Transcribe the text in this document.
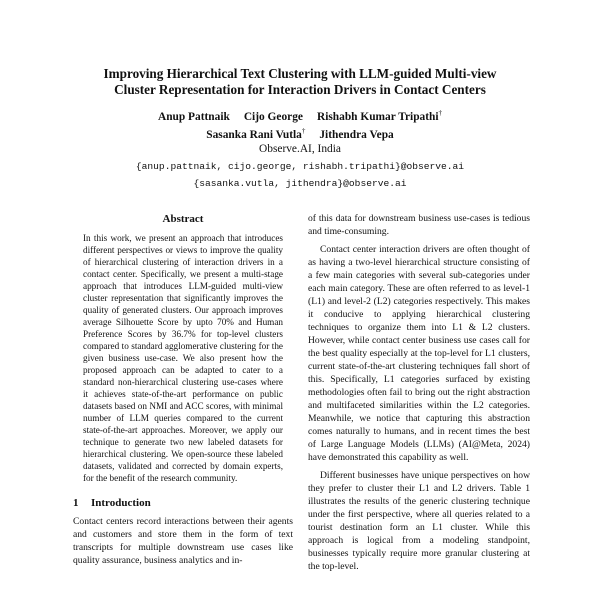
Improving Hierarchical Text Clustering with LLM-guided Multi-view
Cluster Representation for Interaction Drivers in Contact Centers
Anup Pattnaik Cijo George Rishabh Kumar Tripathi†
Sasanka Rani Vutla† Jithendra Vepa
Observe.AI, India
{anup.pattnaik, cijo.george, rishabh.tripathi}@observe.ai
{sasanka.vutla, jithendra}@observe.ai
Abstract

In this work, we present an approach that introduces different perspectives or views to improve the quality of hierarchical clustering of interaction drivers in a contact center. Specifically, we present a multi-stage approach that introduces LLM-guided multi-view cluster representation that significantly improves the quality of generated clusters. Our approach improves average Silhouette Score by upto 70% and Human Preference Scores by 36.7% for top-level clusters compared to standard agglomerative clustering for the given business use-case. We also present how the proposed approach can be adapted to cater to a standard non-hierarchical clustering use-cases where it achieves state-of-the-art performance on public datasets based on NMI and ACC scores, with minimal number of LLM queries compared to the current state-of-the-art approaches. Moreover, we apply our technique to generate two new labeled datasets for hierarchical clustering. We open-source these labeled datasets, validated and corrected by domain experts, for the benefit of the research community.

1 Introduction

Contact centers record interactions between their agents and customers and store them in the form of text transcripts for multiple downstream use cases like quality assurance, business analytics and in-

of this data for downstream business use-cases is tedious and time-consuming.

Contact center interaction drivers are often thought of as having a two-level hierarchical structure consisting of a few main categories with several sub-categories under each main category. These are often referred to as level-1 (L1) and level-2 (L2) categories respectively. This makes it conducive to applying hierarchical clustering techniques to organize them into L1 & L2 clusters. However, while contact center business use cases call for the best quality especially at the top-level for L1 clusters, current state-of-the-art clustering techniques fall short of this. Specifically, L1 categories surfaced by existing methodologies often fail to bring out the right abstraction and multifaceted similarities within the L2 categories. Meanwhile, we notice that capturing this abstraction comes naturally to humans, and in recent times the best of Large Language Models (LLMs) (AI@Meta, 2024) have demonstrated this capability as well.

Different businesses have unique perspectives on how they prefer to cluster their L1 and L2 drivers. Table 1 illustrates the results of the generic clustering technique under the first perspective, where all queries related to a tourist destination form an L1 cluster. While this approach is logical from a modeling standpoint, businesses typically require more granular clustering at the top-level.
